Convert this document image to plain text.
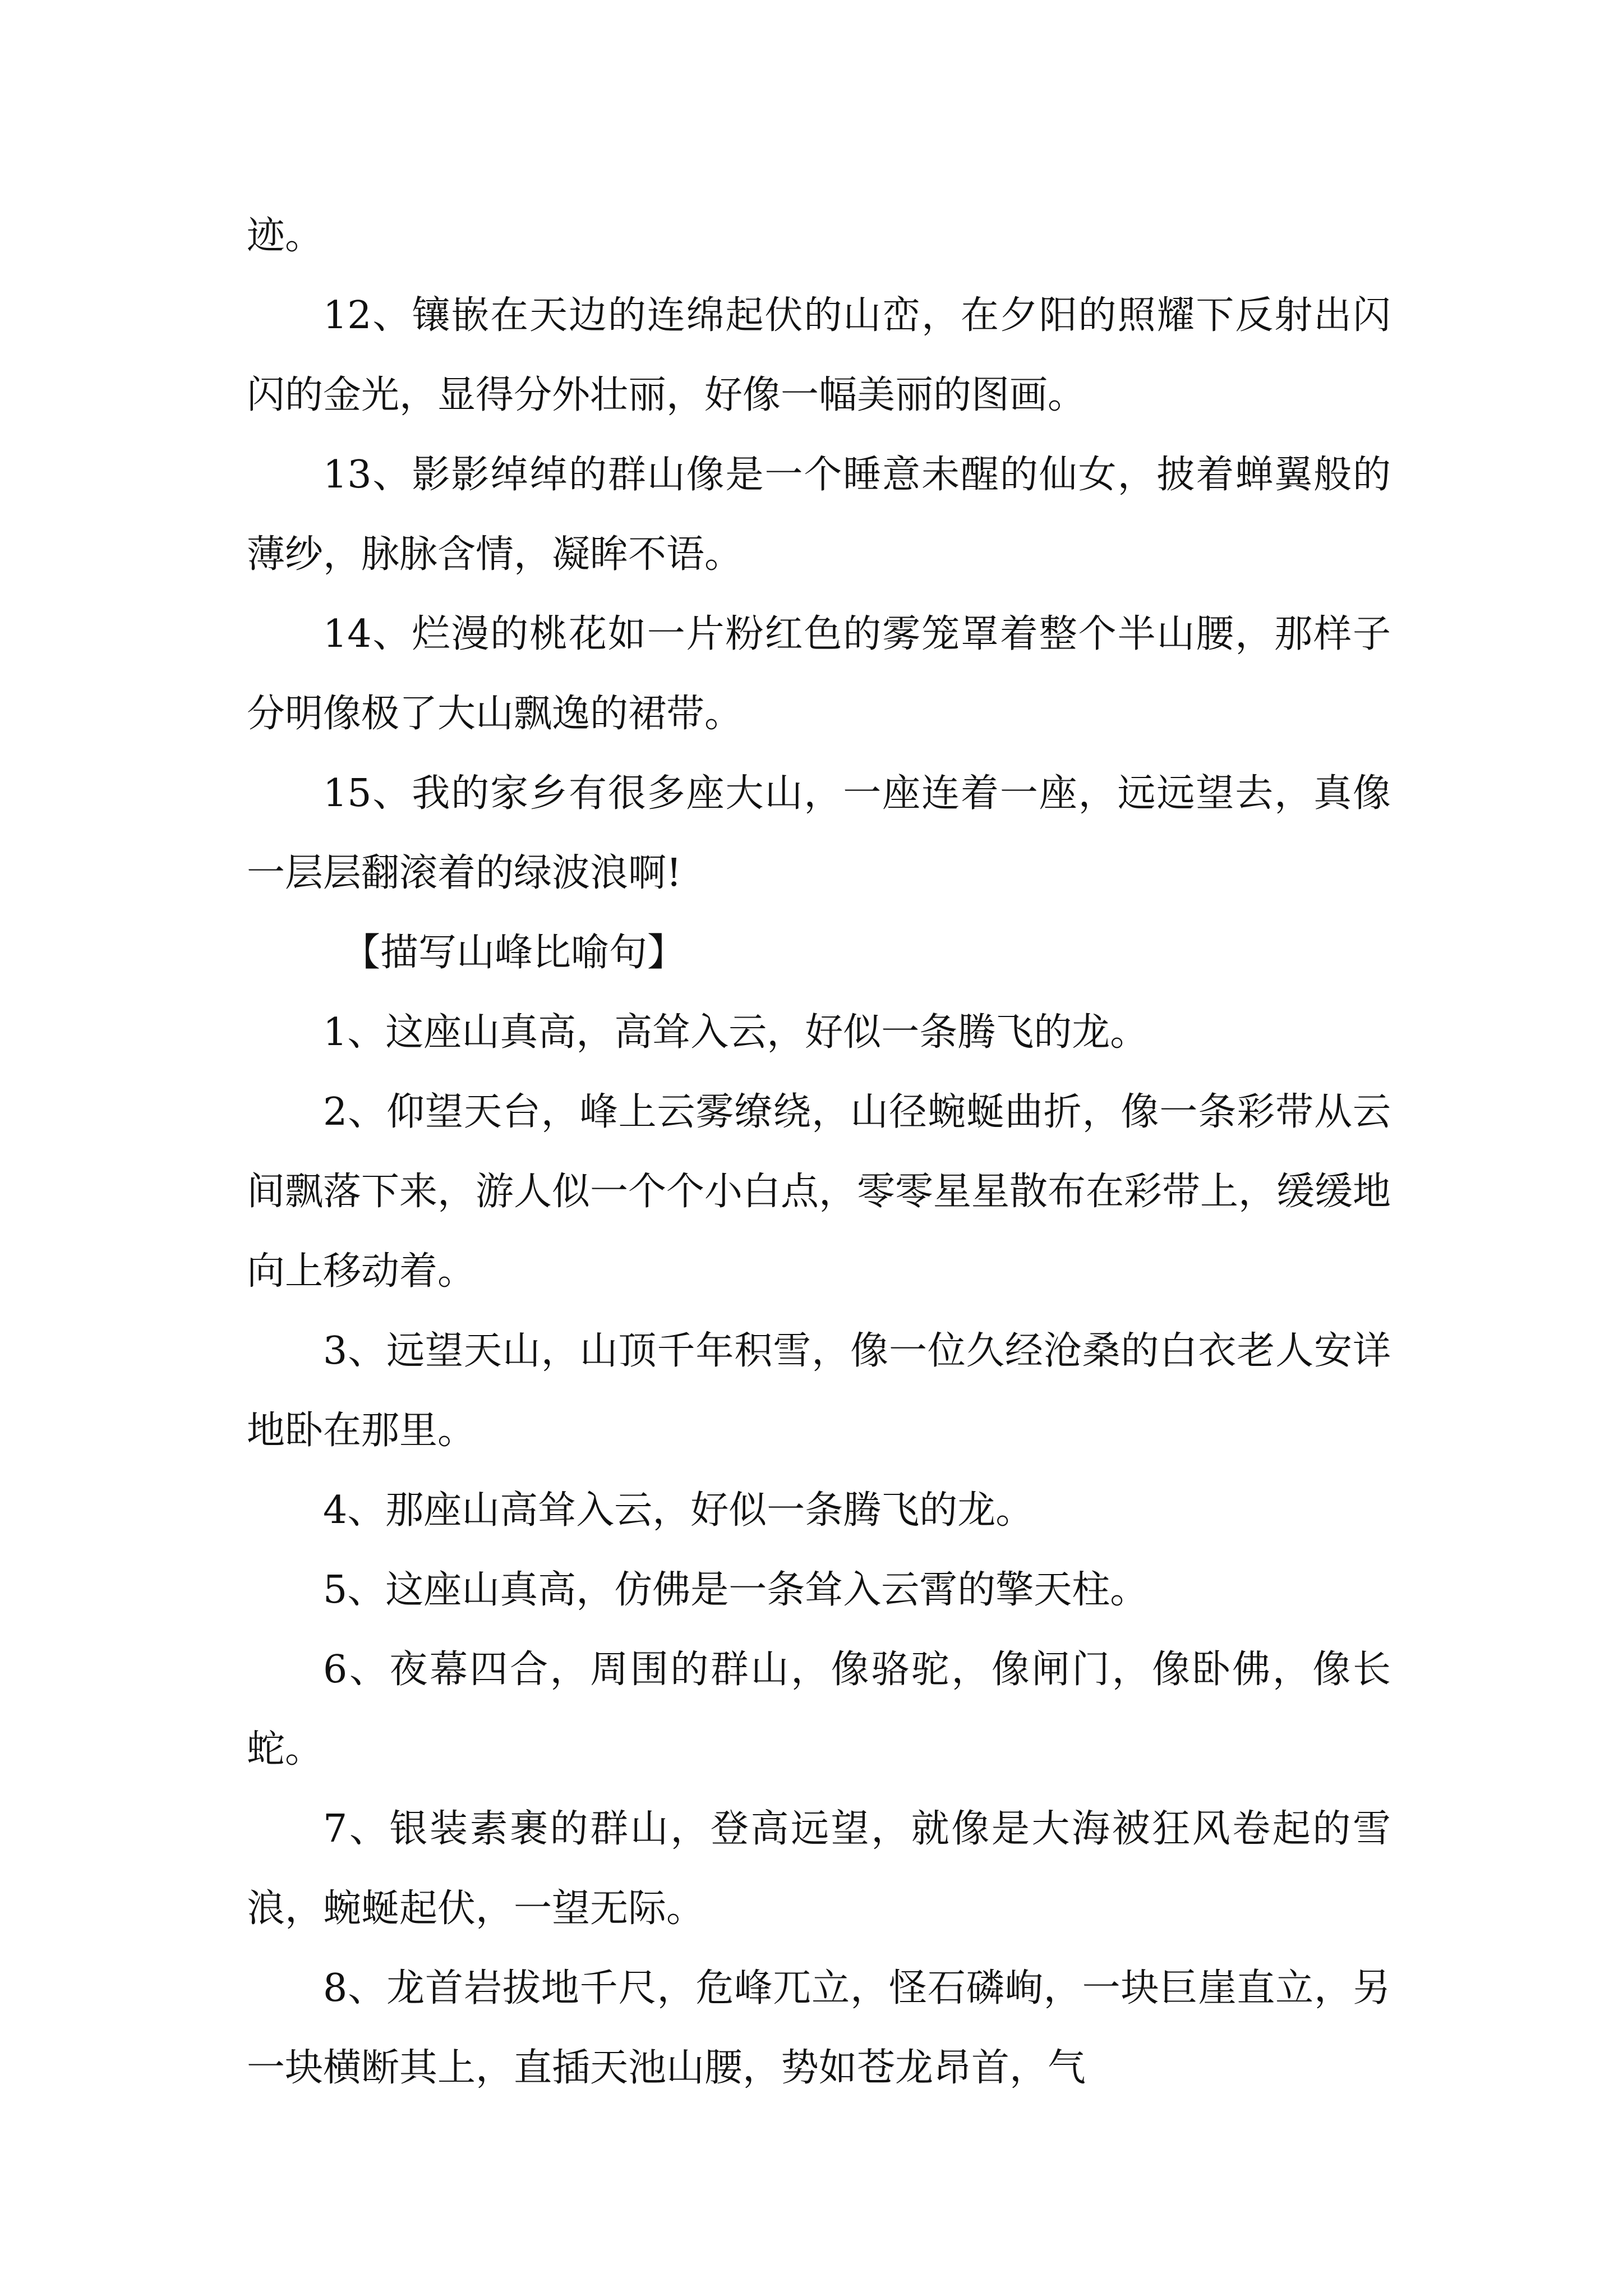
迹。

12、镶嵌在天边的连绵起伏的山峦，在夕阳的照耀下反射出闪闪的金光，显得分外壮丽，好像一幅美丽的图画。

13、影影绰绰的群山像是一个睡意未醒的仙女，披着蝉翼般的薄纱，脉脉含情，凝眸不语。

14、烂漫的桃花如一片粉红色的雾笼罩着整个半山腰，那样子分明像极了大山飘逸的裙带。

15、我的家乡有很多座大山，一座连着一座，远远望去，真像一层层翻滚着的绿波浪啊!

【描写山峰比喻句】

1、这座山真高，高耸入云，好似一条腾飞的龙。

2、仰望天台，峰上云雾缭绕，山径蜿蜒曲折，像一条彩带从云间飘落下来，游人似一个个小白点，零零星星散布在彩带上，缓缓地向上移动着。

3、远望天山，山顶千年积雪，像一位久经沧桑的白衣老人安详地卧在那里。

4、那座山高耸入云，好似一条腾飞的龙。

5、这座山真高，仿佛是一条耸入云霄的擎天柱。

6、夜幕四合，周围的群山，像骆驼，像闸门，像卧佛，像长蛇。

7、银装素裹的群山，登高远望，就像是大海被狂风卷起的雪浪，蜿蜒起伏，一望无际。

8、龙首岩拔地千尺，危峰兀立，怪石磷峋，一块巨崖直立，另一块横断其上，直插天池山腰，势如苍龙昂首，气
